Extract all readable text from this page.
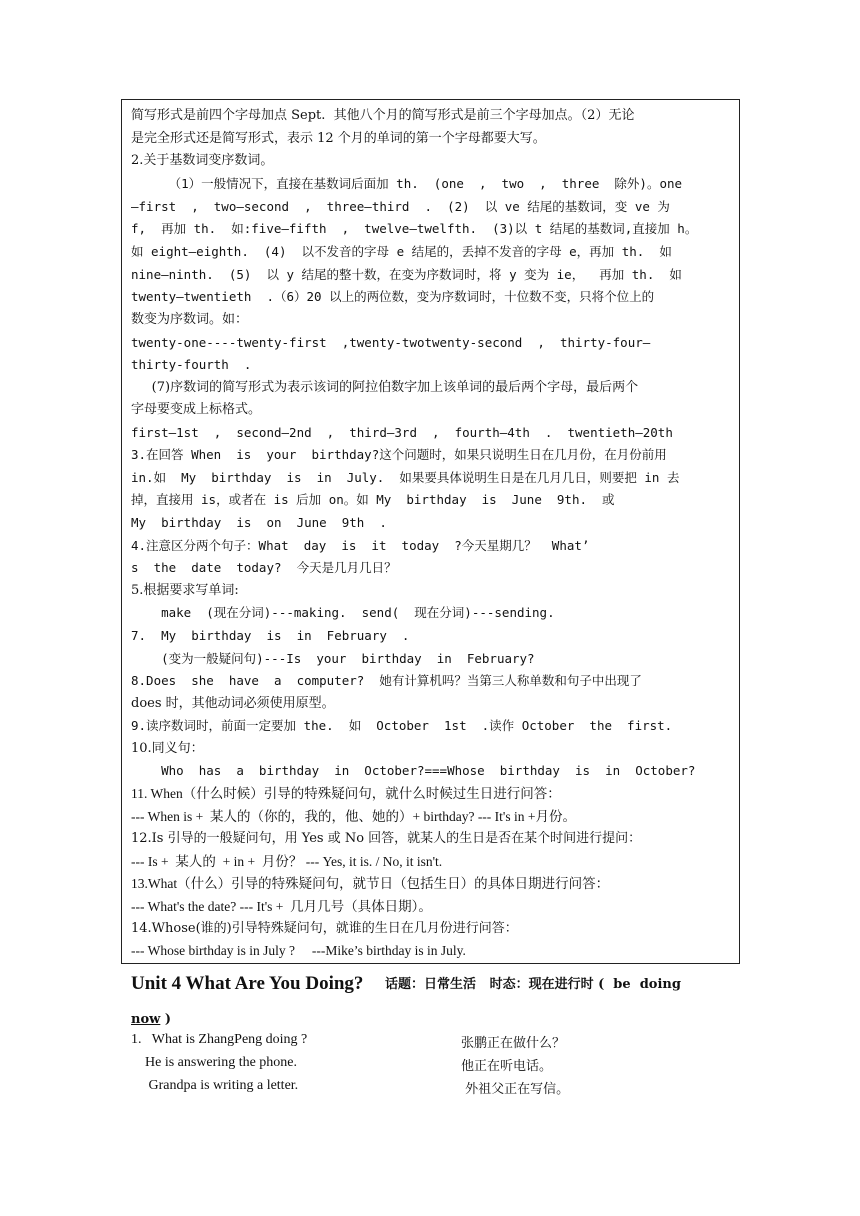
简写形式是前四个字母加点 Sept.  其他八个月的简写形式是前三个字母加点。（2）无论
是完全形式还是简写形式，表示 12 个月的单词的第一个字母都要大写。
2.关于基数词变序数词。
（1）一般情况下，直接在基数词后面加 th.  (one  ,  two  ,  three  除外)。one
—first  ,  two—second  ,  three—third  .  (2)  以 ve 结尾的基数词，变 ve 为
f,  再加 th.  如:five—fifth  ,  twelve—twelfth.  (3)以 t 结尾的基数词,直接加 h。
如 eight—eighth.  (4)  以不发音的字母 e 结尾的，丢掉不发音的字母 e，再加 th.  如
nine—ninth.  (5)  以 y 结尾的整十数，在变为序数词时，将 y 变为 ie，  再加 th.  如
twenty—twentieth  .（6）20 以上的两位数，变为序数词时，十位数不变，只将个位上的
数变为序数词。如：
twenty-one----twenty-first  ,twenty-twotwenty-second  ,  thirty-four—
thirty-fourth  .
(7)序数词的简写形式为表示该词的阿拉伯数字加上该单词的最后两个字母，最后两个
字母要变成上标格式。
first—1st  ,  second—2nd  ,  third—3rd  ,  fourth—4th  .  twentieth—20th
3.在回答 When  is  your  birthday?这个问题时，如果只说明生日在几月份，在月份前用
in.如  My  birthday  is  in  July.  如果要具体说明生日是在几月几日，则要把 in 去
掉，直接用 is，或者在 is 后加 on。如 My  birthday  is  June  9th.  或
My  birthday  is  on  June  9th  .
4.注意区分两个句子：What  day  is  it  today  ?今天星期几？  What’
s  the  date  today?  今天是几月几日？
5.根据要求写单词:
make  (现在分词)---making.  send(  现在分词)---sending.
7.  My  birthday  is  in  February  .
(变为一般疑问句)---Is  your  birthday  in  February?
8.Does  she  have  a  computer?  她有计算机吗？当第三人称单数和句子中出现了
does 时，其他动词必须使用原型。
9.读序数词时，前面一定要加 the.  如  October  1st  .读作 October  the  first.
10.同义句：
Who  has  a  birthday  in  October?===Whose  birthday  is  in  October?
11. When（什么时候）引导的特殊疑问句，就什么时候过生日进行问答：
--- When is +  某人的（你的，我的，他、她的）+ birthday? --- It's in +月份。
12.Is 引导的一般疑问句，用 Yes 或 No 回答，就某人的生日是否在某个时间进行提问：
--- Is +  某人的  + in +  月份？ --- Yes, it is. / No, it isn't.
13.What（什么）引导的特殊疑问句，就节日（包括生日）的具体日期进行问答：
--- What's the date? --- It's +  几月几号（具体日期）。
14.Whose(谁的)引导特殊疑问句，就谁的生日在几月份进行问答：
--- Whose birthday is in July ?     ---Mike’s birthday is in July.
Unit 4 What Are You Doing? 话题：日常生活   时态：现在进行时 (  be  doing
now )
1.   What is ZhangPeng doing ?	张鹏正在做什么？
He is answering the phone.	他正在听电话。
Grandpa is writing a letter.	外祖父正在写信。
